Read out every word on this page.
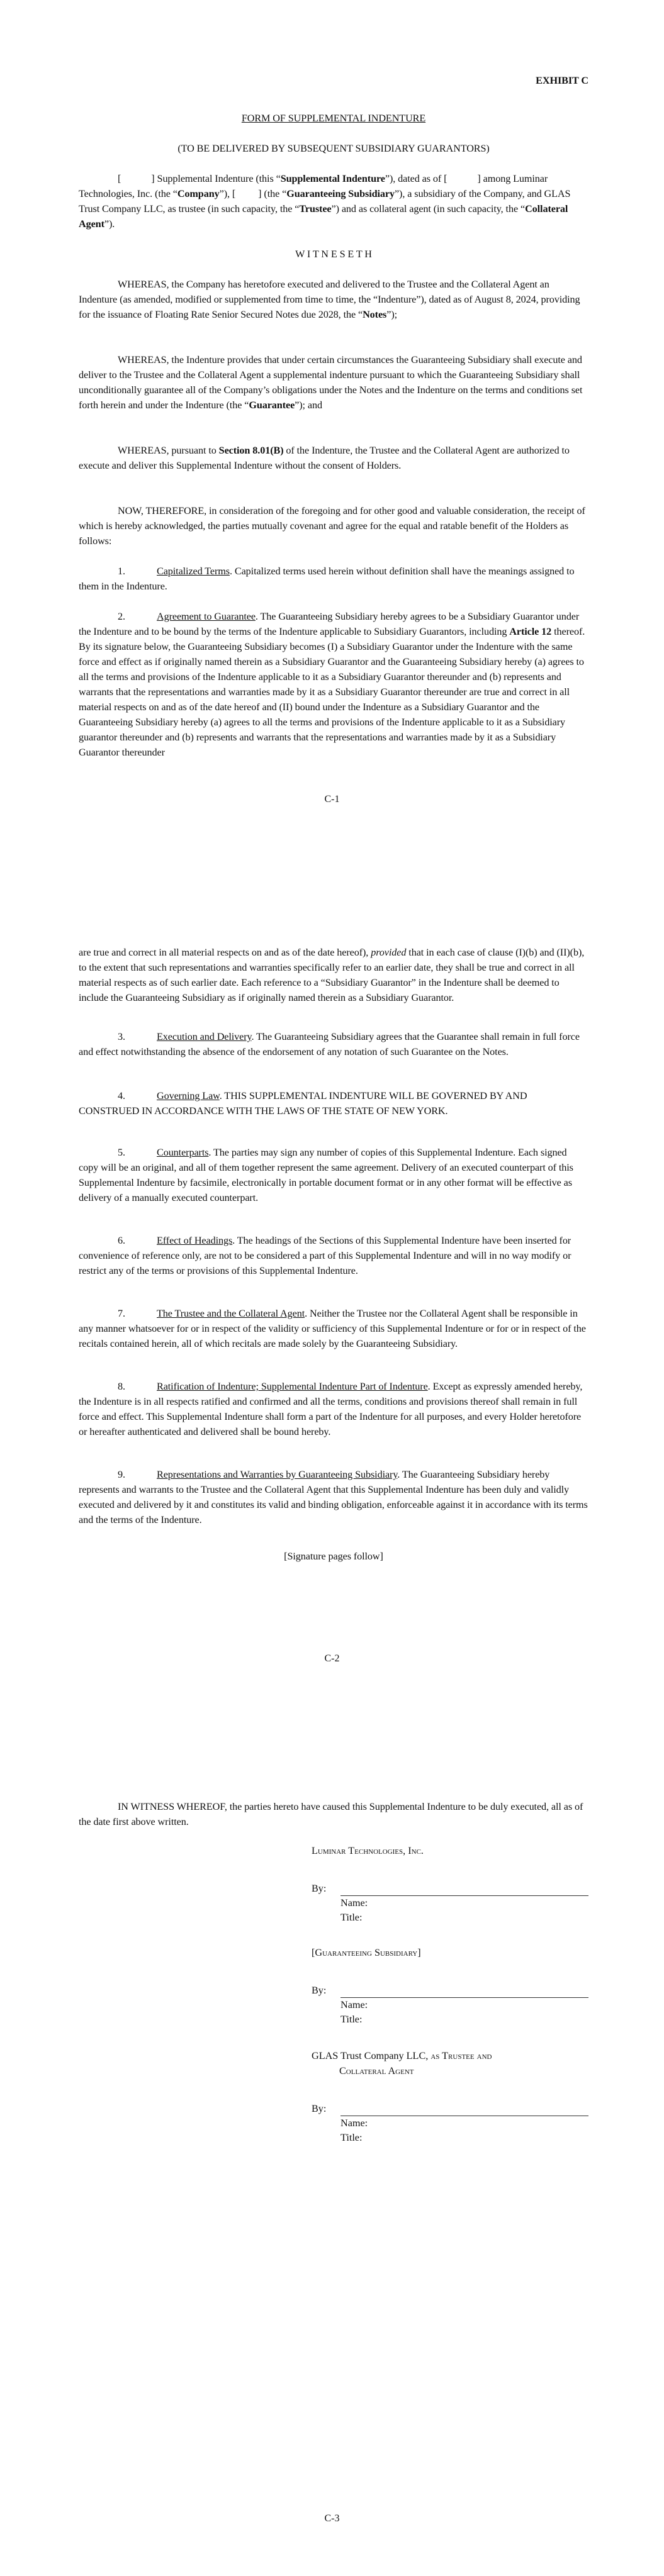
EXHIBIT C
FORM OF SUPPLEMENTAL INDENTURE
(TO BE DELIVERED BY SUBSEQUENT SUBSIDIARY GUARANTORS)

[	] Supplemental Indenture (this “Supplemental Indenture”), dated as of [	] among Luminar Technologies, Inc. (the “Company”), [ ] (the “Guaranteeing Subsidiary”), a subsidiary of the Company, and GLAS Trust Company LLC, as trustee (in such capacity, the “Trustee”) and as collateral agent (in such capacity, the “Collateral Agent”).

W I T N E S E T H

WHEREAS, the Company has heretofore executed and delivered to the Trustee and the Collateral Agent an Indenture (as amended, modified or supplemented from time to time, the “Indenture”), dated as of August 8, 2024, providing for the issuance of Floating Rate Senior Secured Notes due 2028, the “Notes”);

WHEREAS, the Indenture provides that under certain circumstances the Guaranteeing Subsidiary shall execute and deliver to the Trustee and the Collateral Agent a supplemental indenture pursuant to which the Guaranteeing Subsidiary shall unconditionally guarantee all of the Company’s obligations under the Notes and the Indenture on the terms and conditions set forth herein and under the Indenture (the “Guarantee”); and

WHEREAS, pursuant to Section 8.01(B) of the Indenture, the Trustee and the Collateral Agent are authorized to execute and deliver this Supplemental Indenture without the consent of Holders.

NOW, THEREFORE, in consideration of the foregoing and for other good and valuable consideration, the receipt of which is hereby acknowledged, the parties mutually covenant and agree for the equal and ratable benefit of the Holders as follows:

1.	Capitalized Terms. Capitalized terms used herein without definition shall have the meanings assigned to them in the Indenture.

2.	Agreement to Guarantee. The Guaranteeing Subsidiary hereby agrees to be a Subsidiary Guarantor under the Indenture and to be bound by the terms of the Indenture applicable to Subsidiary Guarantors, including Article 12 thereof. By its signature below, the Guaranteeing Subsidiary becomes (I) a Subsidiary Guarantor under the Indenture with the same force and effect as if originally named therein as a Subsidiary Guarantor and the Guaranteeing Subsidiary hereby (a) agrees to all the terms and provisions of the Indenture applicable to it as a Subsidiary Guarantor thereunder and (b) represents and warrants that the representations and warranties made by it as a Subsidiary Guarantor thereunder are true and correct in all material respects on and as of the date hereof and (II) bound under the Indenture as a Subsidiary Guarantor and the Guaranteeing Subsidiary hereby (a) agrees to all the terms and provisions of the Indenture applicable to it as a Subsidiary guarantor thereunder and (b) represents and warrants that the representations and warranties made by it as a Subsidiary Guarantor thereunder

C-1

are true and correct in all material respects on and as of the date hereof), provided that in each case of clause (I)(b) and (II)(b), to the extent that such representations and warranties specifically refer to an earlier date, they shall be true and correct in all material respects as of such earlier date. Each reference to a “Subsidiary Guarantor” in the Indenture shall be deemed to include the Guaranteeing Subsidiary as if originally named therein as a Subsidiary Guarantor.

3.	Execution and Delivery. The Guaranteeing Subsidiary agrees that the Guarantee shall remain in full force and effect notwithstanding the absence of the endorsement of any notation of such Guarantee on the Notes.

4.	Governing Law. THIS SUPPLEMENTAL INDENTURE WILL BE GOVERNED BY AND CONSTRUED IN ACCORDANCE WITH THE LAWS OF THE STATE OF NEW YORK.

5.	Counterparts. The parties may sign any number of copies of this Supplemental Indenture. Each signed copy will be an original, and all of them together represent the same agreement. Delivery of an executed counterpart of this Supplemental Indenture by facsimile, electronically in portable document format or in any other format will be effective as delivery of a manually executed counterpart.

6.	Effect of Headings. The headings of the Sections of this Supplemental Indenture have been inserted for convenience of reference only, are not to be considered a part of this Supplemental Indenture and will in no way modify or restrict any of the terms or provisions of this Supplemental Indenture.

7.	The Trustee and the Collateral Agent. Neither the Trustee nor the Collateral Agent shall be responsible in any manner whatsoever for or in respect of the validity or sufficiency of this Supplemental Indenture or for or in respect of the recitals contained herein, all of which recitals are made solely by the Guaranteeing Subsidiary.

8.	Ratification of Indenture; Supplemental Indenture Part of Indenture. Except as expressly amended hereby, the Indenture is in all respects ratified and confirmed and all the terms, conditions and provisions thereof shall remain in full force and effect. This Supplemental Indenture shall form a part of the Indenture for all purposes, and every Holder heretofore or hereafter authenticated and delivered shall be bound hereby.

9.	Representations and Warranties by Guaranteeing Subsidiary. The Guaranteeing Subsidiary hereby represents and warrants to the Trustee and the Collateral Agent that this Supplemental Indenture has been duly and validly executed and delivered by it and constitutes its valid and binding obligation, enforceable against it in accordance with its terms and the terms of the Indenture.

[Signature pages follow]
C-2

IN WITNESS WHEREOF, the parties hereto have caused this Supplemental Indenture to be duly executed, all as of the date first above written.

Luminar Technologies, Inc.
By:
Name:
Title:
[Guaranteeing Subsidiary]
By:
Name:
Title:
GLAS Trust Company LLC, as Trustee and
Collateral Agent
By:
Name:
Title:
C-3
